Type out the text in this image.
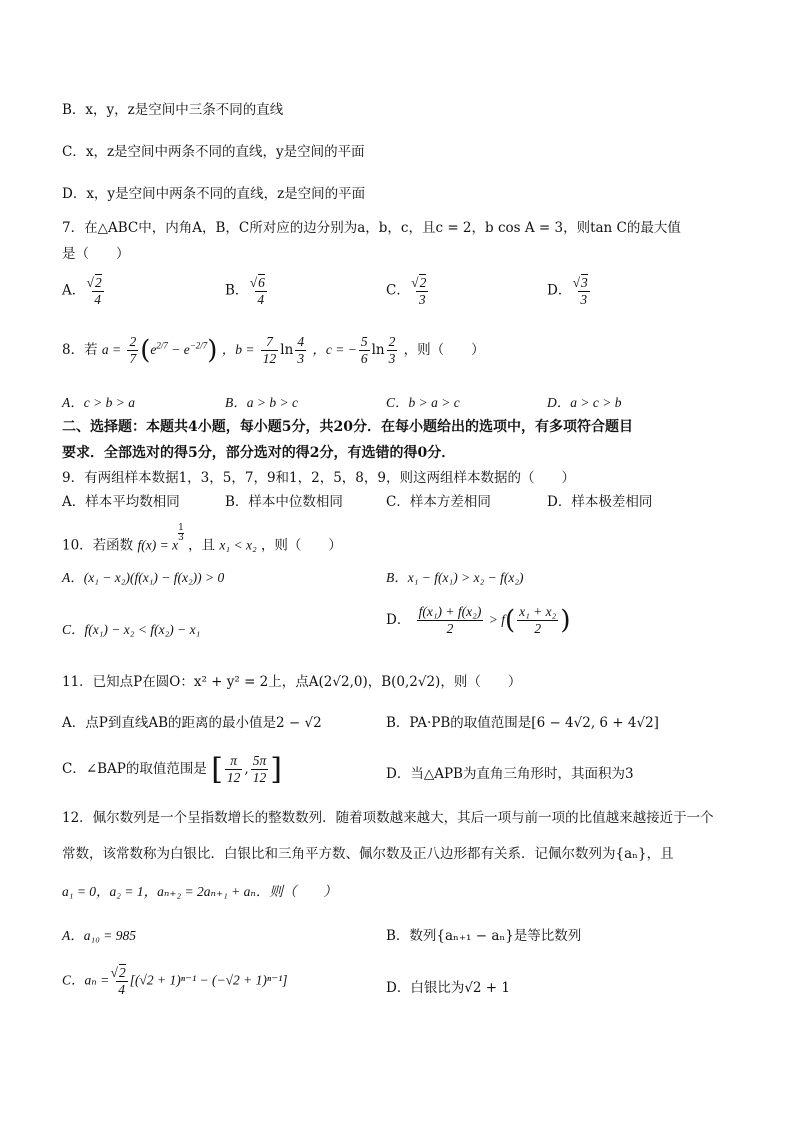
B．x，y，z是空间中三条不同的直线
C．x，z是空间中两条不同的直线，y是空间的平面
D．x，y是空间中两条不同的直线，z是空间的平面
7．在△ABC中，内角A，B，C所对应的边分别为a，b，c，且c = 2，b cos A = 3，则tan C的最大值
是（　　）
A． √ $\frac{2}{4}$	B． √ $\frac{6}{4}$	C． √ $\frac{2}{3}$	D． √ $\frac{3}{3}$
8．若 $a = \frac{2}{7} (e^{2/7} - e^{-2/7})$ ，$b = \frac{7}{12}$ $\ln \frac{4}{3}$ ，c = − $\frac{5}{6}$ $\ln \frac{2}{3}$ ，则（　　）
A．c > b > a	B．a > b > c	C．b > a > c	D．a > c > b
二、选择题：本题共4小题，每小题5分，共20分．在每小题给出的选项中，有多项符合题目
要求．全部选对的得5分，部分选对的得2分，有选错的得0分．
9．有两组样本数据1，3，5，7，9和1，2，5，8，9，则这两组样本数据的（　　）
A．样本平均数相同	B．样本中位数相同	C．样本方差相同	D．样本极差相同
10．若函数 f(x) = x
$^{\frac{1}{3}}$
，且 x₁ < x₂ ，则（　　）
A．(x₁ − x₂)(f(x₁) − f(x₂)) > 0	B．x₁ − f(x₁) > x₂ − f(x₂)
C．f(x₁) − x₂ < f(x₂) − x₁
D． $\frac{\text{f(x₁) + f(x₂)}}{2} > f( \frac{\text{x₁ + x₂}}{2}$ )
11．已知点P在圆O：x² + y² = 2上，点A(2√2,0)，B(0,2√2)，则（　　）
A．点P到直线AB的距离的最小值是2 − √2	B．PA·PB的取值范围是[6 − 4√2, 6 + 4√2]
C．∠BAP的取值范围是 [ $\frac{\pi}{12}$ , $\frac{5\pi}{12}$ ]	D．当△APB为直角三角形时，其面积为3
12．佩尔数列是一个呈指数增长的整数数列．随着项数越来越大，其后一项与前一项的比值越来越接近于一个
常数，该常数称为白银比．白银比和三角平方数、佩尔数及正八边形都有关系．记佩尔数列为{aₙ}，且
a₁ = 0，a₂ = 1，aₙ₊₂ = 2aₙ₊₁ + aₙ．则（　　）
A．a₁₀ = 985	B．数列{aₙ₊₁ − aₙ}是等比数列
C．aₙ = √ $\frac{2}{4} [(√2 + 1)^{n-1} - (-√2 + 1)^{n-1}]$	D．白银比为√2 + 1
